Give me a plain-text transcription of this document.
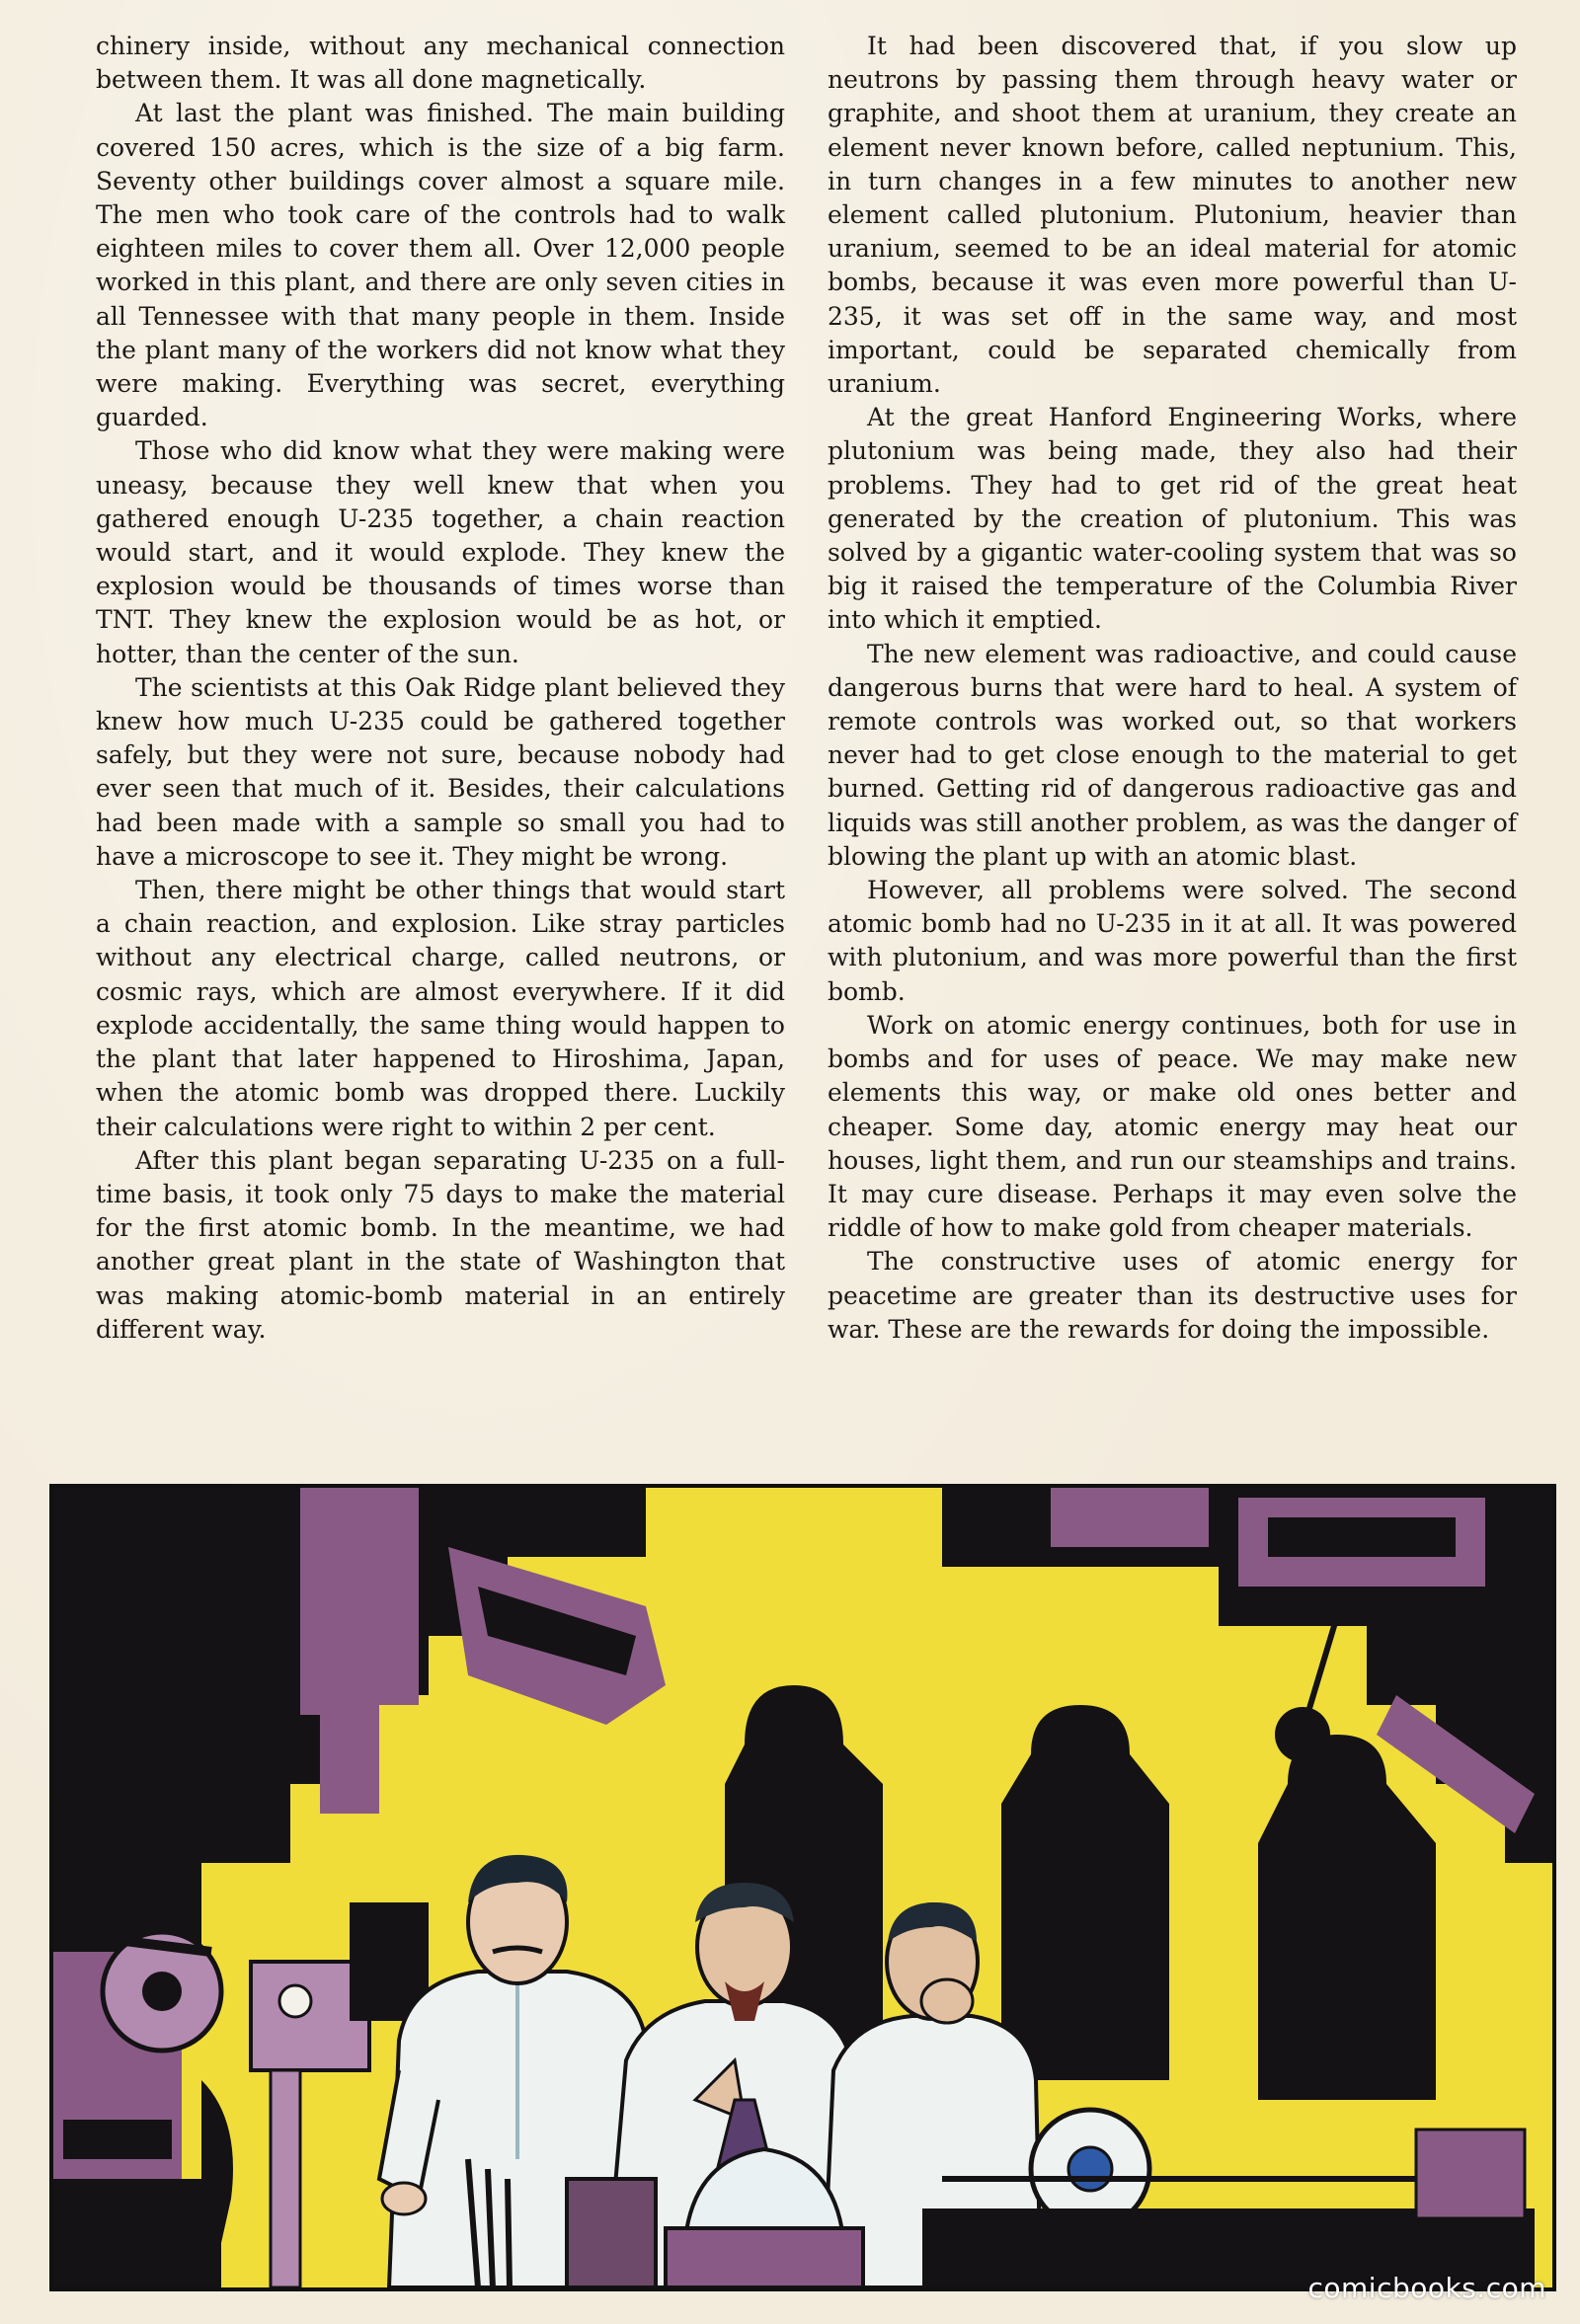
chinery inside, without any mechanical connection between them. It was all done magnetically.

At last the plant was finished. The main building covered 150 acres, which is the size of a big farm. Seventy other buildings cover almost a square mile. The men who took care of the controls had to walk eighteen miles to cover them all. Over 12,000 people worked in this plant, and there are only seven cities in all Tennessee with that many people in them. Inside the plant many of the workers did not know what they were making. Everything was secret, everything guarded.

Those who did know what they were making were uneasy, because they well knew that when you gathered enough U-235 together, a chain reaction would start, and it would explode. They knew the explosion would be thousands of times worse than TNT. They knew the explosion would be as hot, or hotter, than the center of the sun.

The scientists at this Oak Ridge plant believed they knew how much U-235 could be gathered together safely, but they were not sure, because nobody had ever seen that much of it. Besides, their calculations had been made with a sample so small you had to have a microscope to see it. They might be wrong.

Then, there might be other things that would start a chain reaction, and explosion. Like stray particles without any electrical charge, called neutrons, or cosmic rays, which are almost everywhere. If it did explode accidentally, the same thing would happen to the plant that later happened to Hiroshima, Japan, when the atomic bomb was dropped there. Luckily their calculations were right to within 2 per cent.

After this plant began separating U-235 on a full-time basis, it took only 75 days to make the material for the first atomic bomb. In the meantime, we had another great plant in the state of Washington that was making atomic-bomb material in an entirely different way.

It had been discovered that, if you slow up neutrons by passing them through heavy water or graphite, and shoot them at uranium, they create an element never known before, called neptunium. This, in turn changes in a few minutes to another new element called plutonium. Plutonium, heavier than uranium, seemed to be an ideal material for atomic bombs, because it was even more powerful than U-235, it was set off in the same way, and most important, could be separated chemically from uranium.

At the great Hanford Engineering Works, where plutonium was being made, they also had their problems. They had to get rid of the great heat generated by the creation of plutonium. This was solved by a gigantic water-cooling system that was so big it raised the temperature of the Columbia River into which it emptied.

The new element was radioactive, and could cause dangerous burns that were hard to heal. A system of remote controls was worked out, so that workers never had to get close enough to the material to get burned. Getting rid of dangerous radioactive gas and liquids was still another problem, as was the danger of blowing the plant up with an atomic blast.

However, all problems were solved. The second atomic bomb had no U-235 in it at all. It was powered with plutonium, and was more powerful than the first bomb.

Work on atomic energy continues, both for use in bombs and for uses of peace. We may make new elements this way, or make old ones better and cheaper. Some day, atomic energy may heat our houses, light them, and run our steamships and trains. It may cure disease. Perhaps it may even solve the riddle of how to make gold from cheaper materials.

The constructive uses of atomic energy for peacetime are greater than its destructive uses for war. These are the rewards for doing the impossible.

comicbooks.com
